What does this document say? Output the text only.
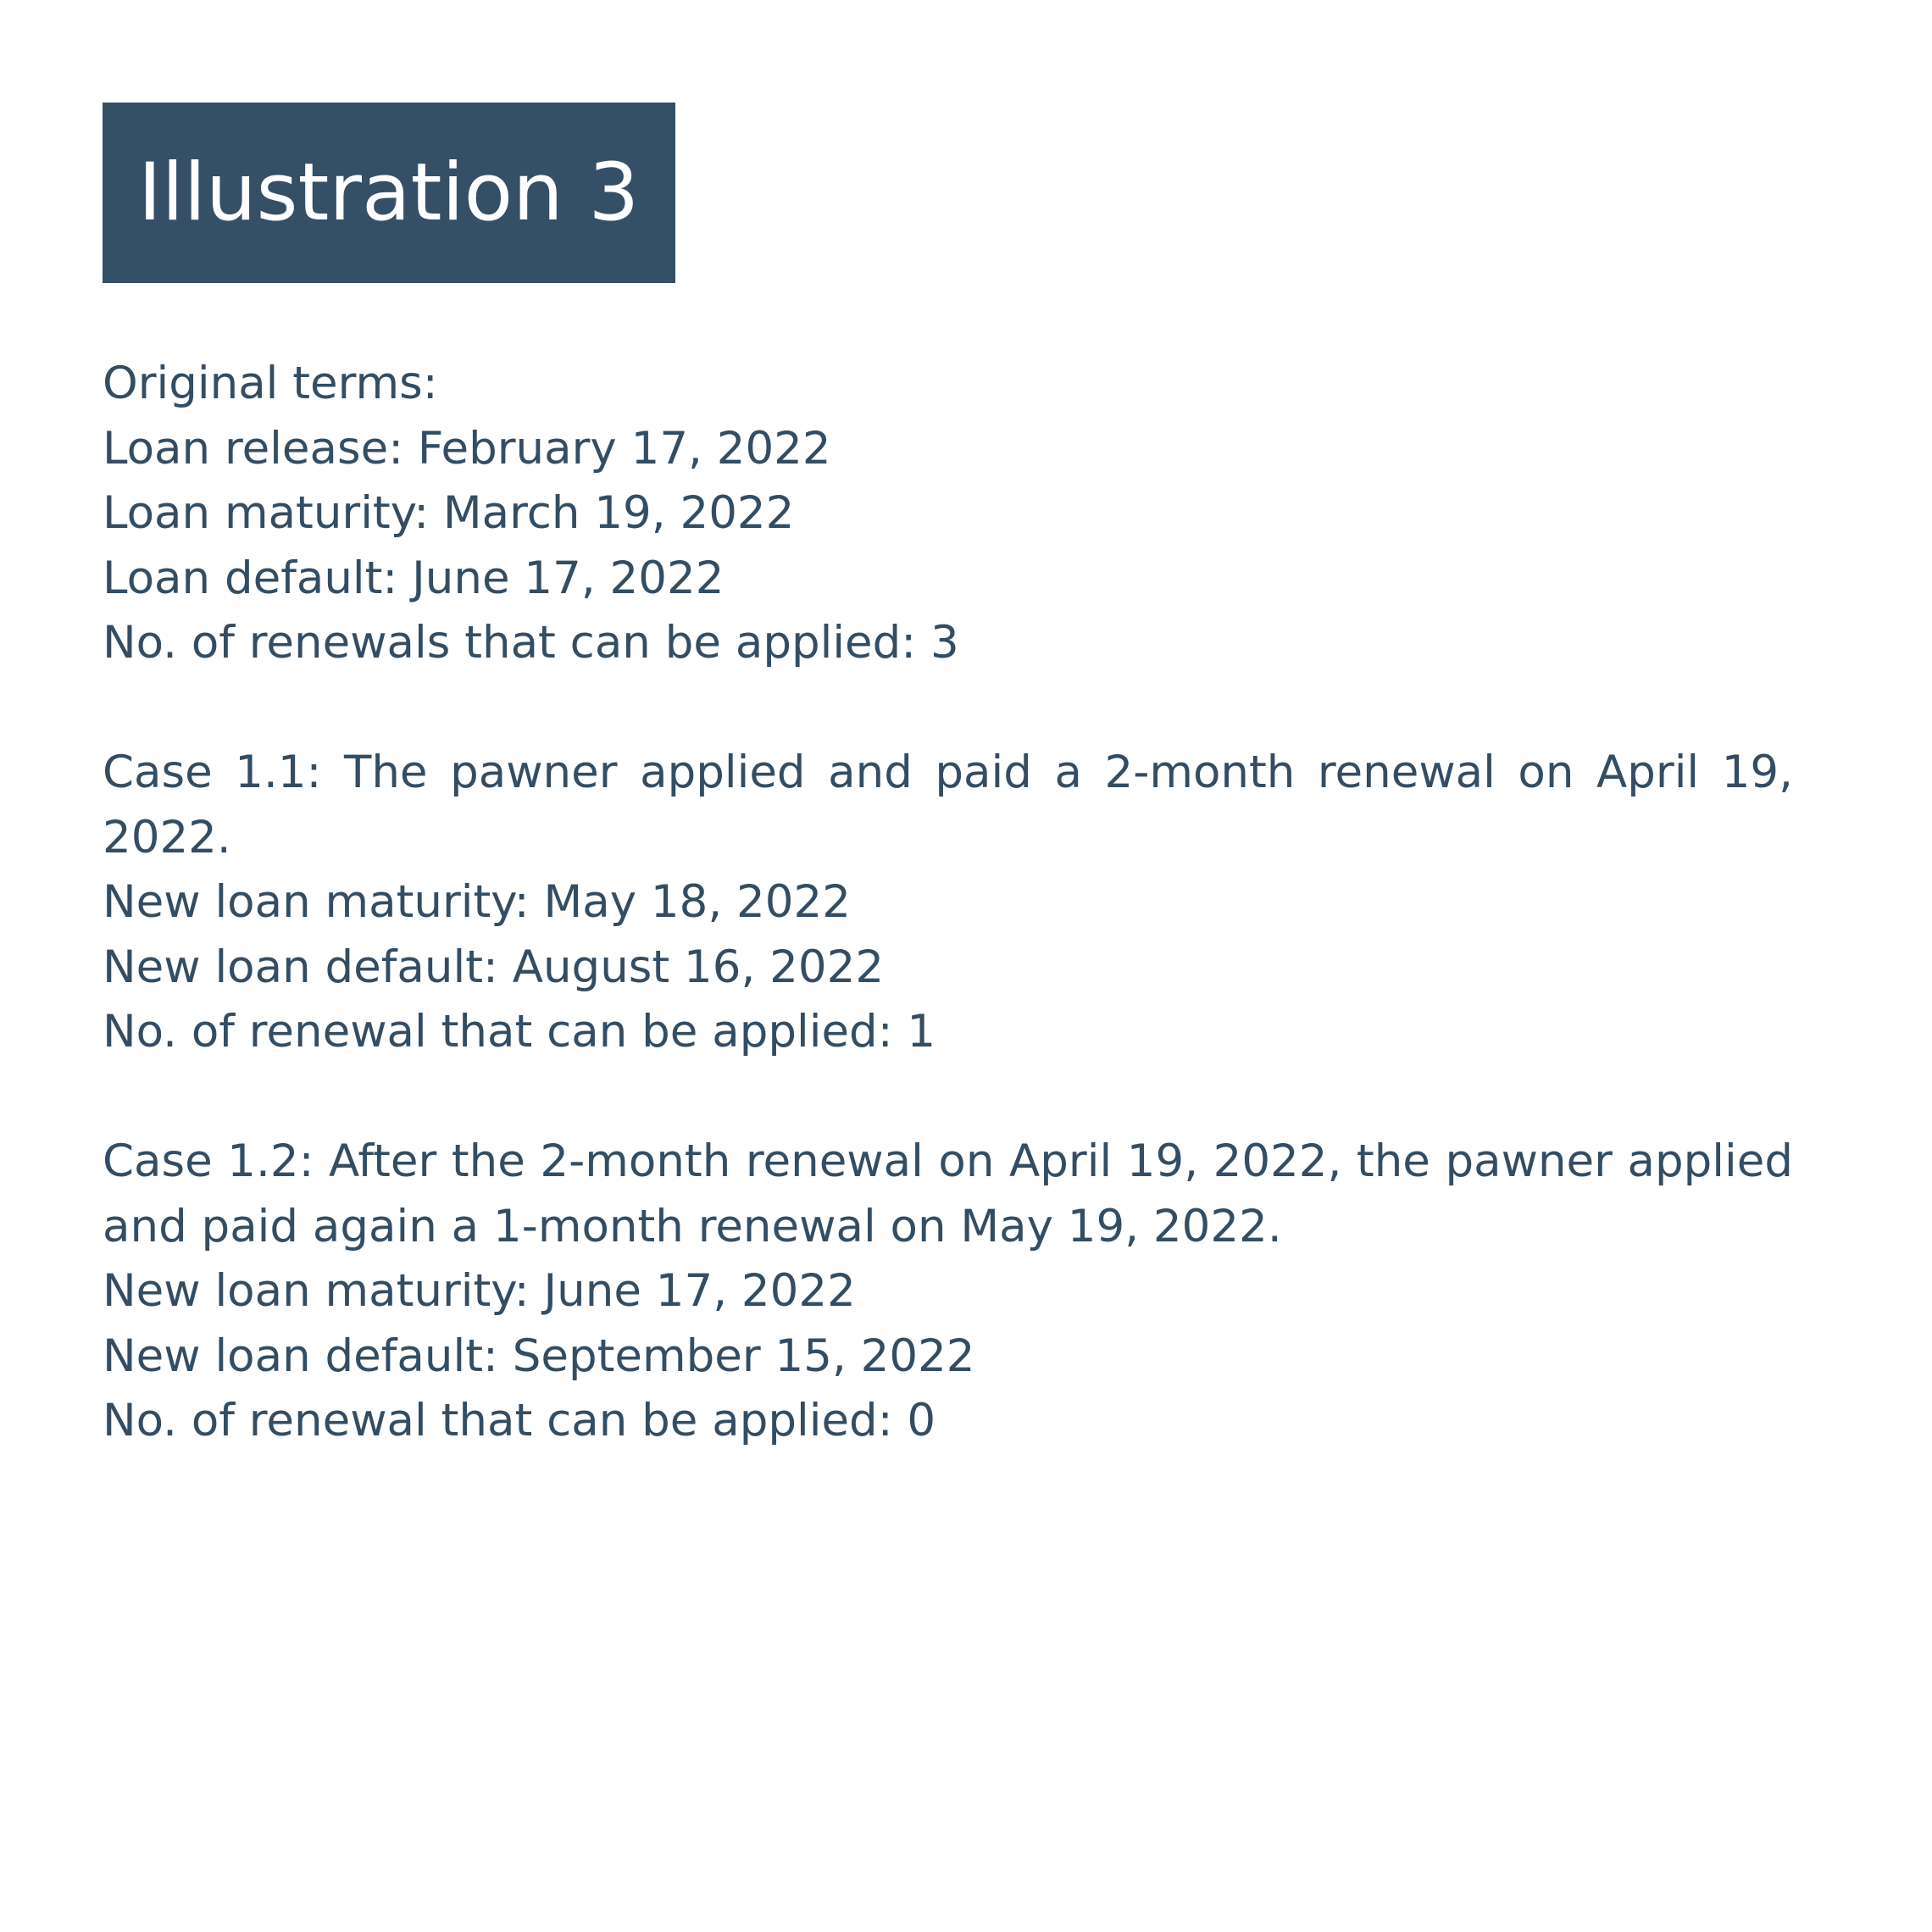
Illustration 3
Original terms:
Loan release: February 17, 2022
Loan maturity: March 19, 2022
Loan default: June 17, 2022
No. of renewals that can be applied: 3
Case 1.1: The pawner applied and paid a 2-month renewal on April 19, 2022.
New loan maturity: May 18, 2022
New loan default: August 16, 2022
No. of renewal that can be applied: 1
Case 1.2: After the 2-month renewal on April 19, 2022, the pawner applied and paid again a 1-month renewal on May 19, 2022.
New loan maturity: June 17, 2022
New loan default: September 15, 2022
No. of renewal that can be applied: 0
